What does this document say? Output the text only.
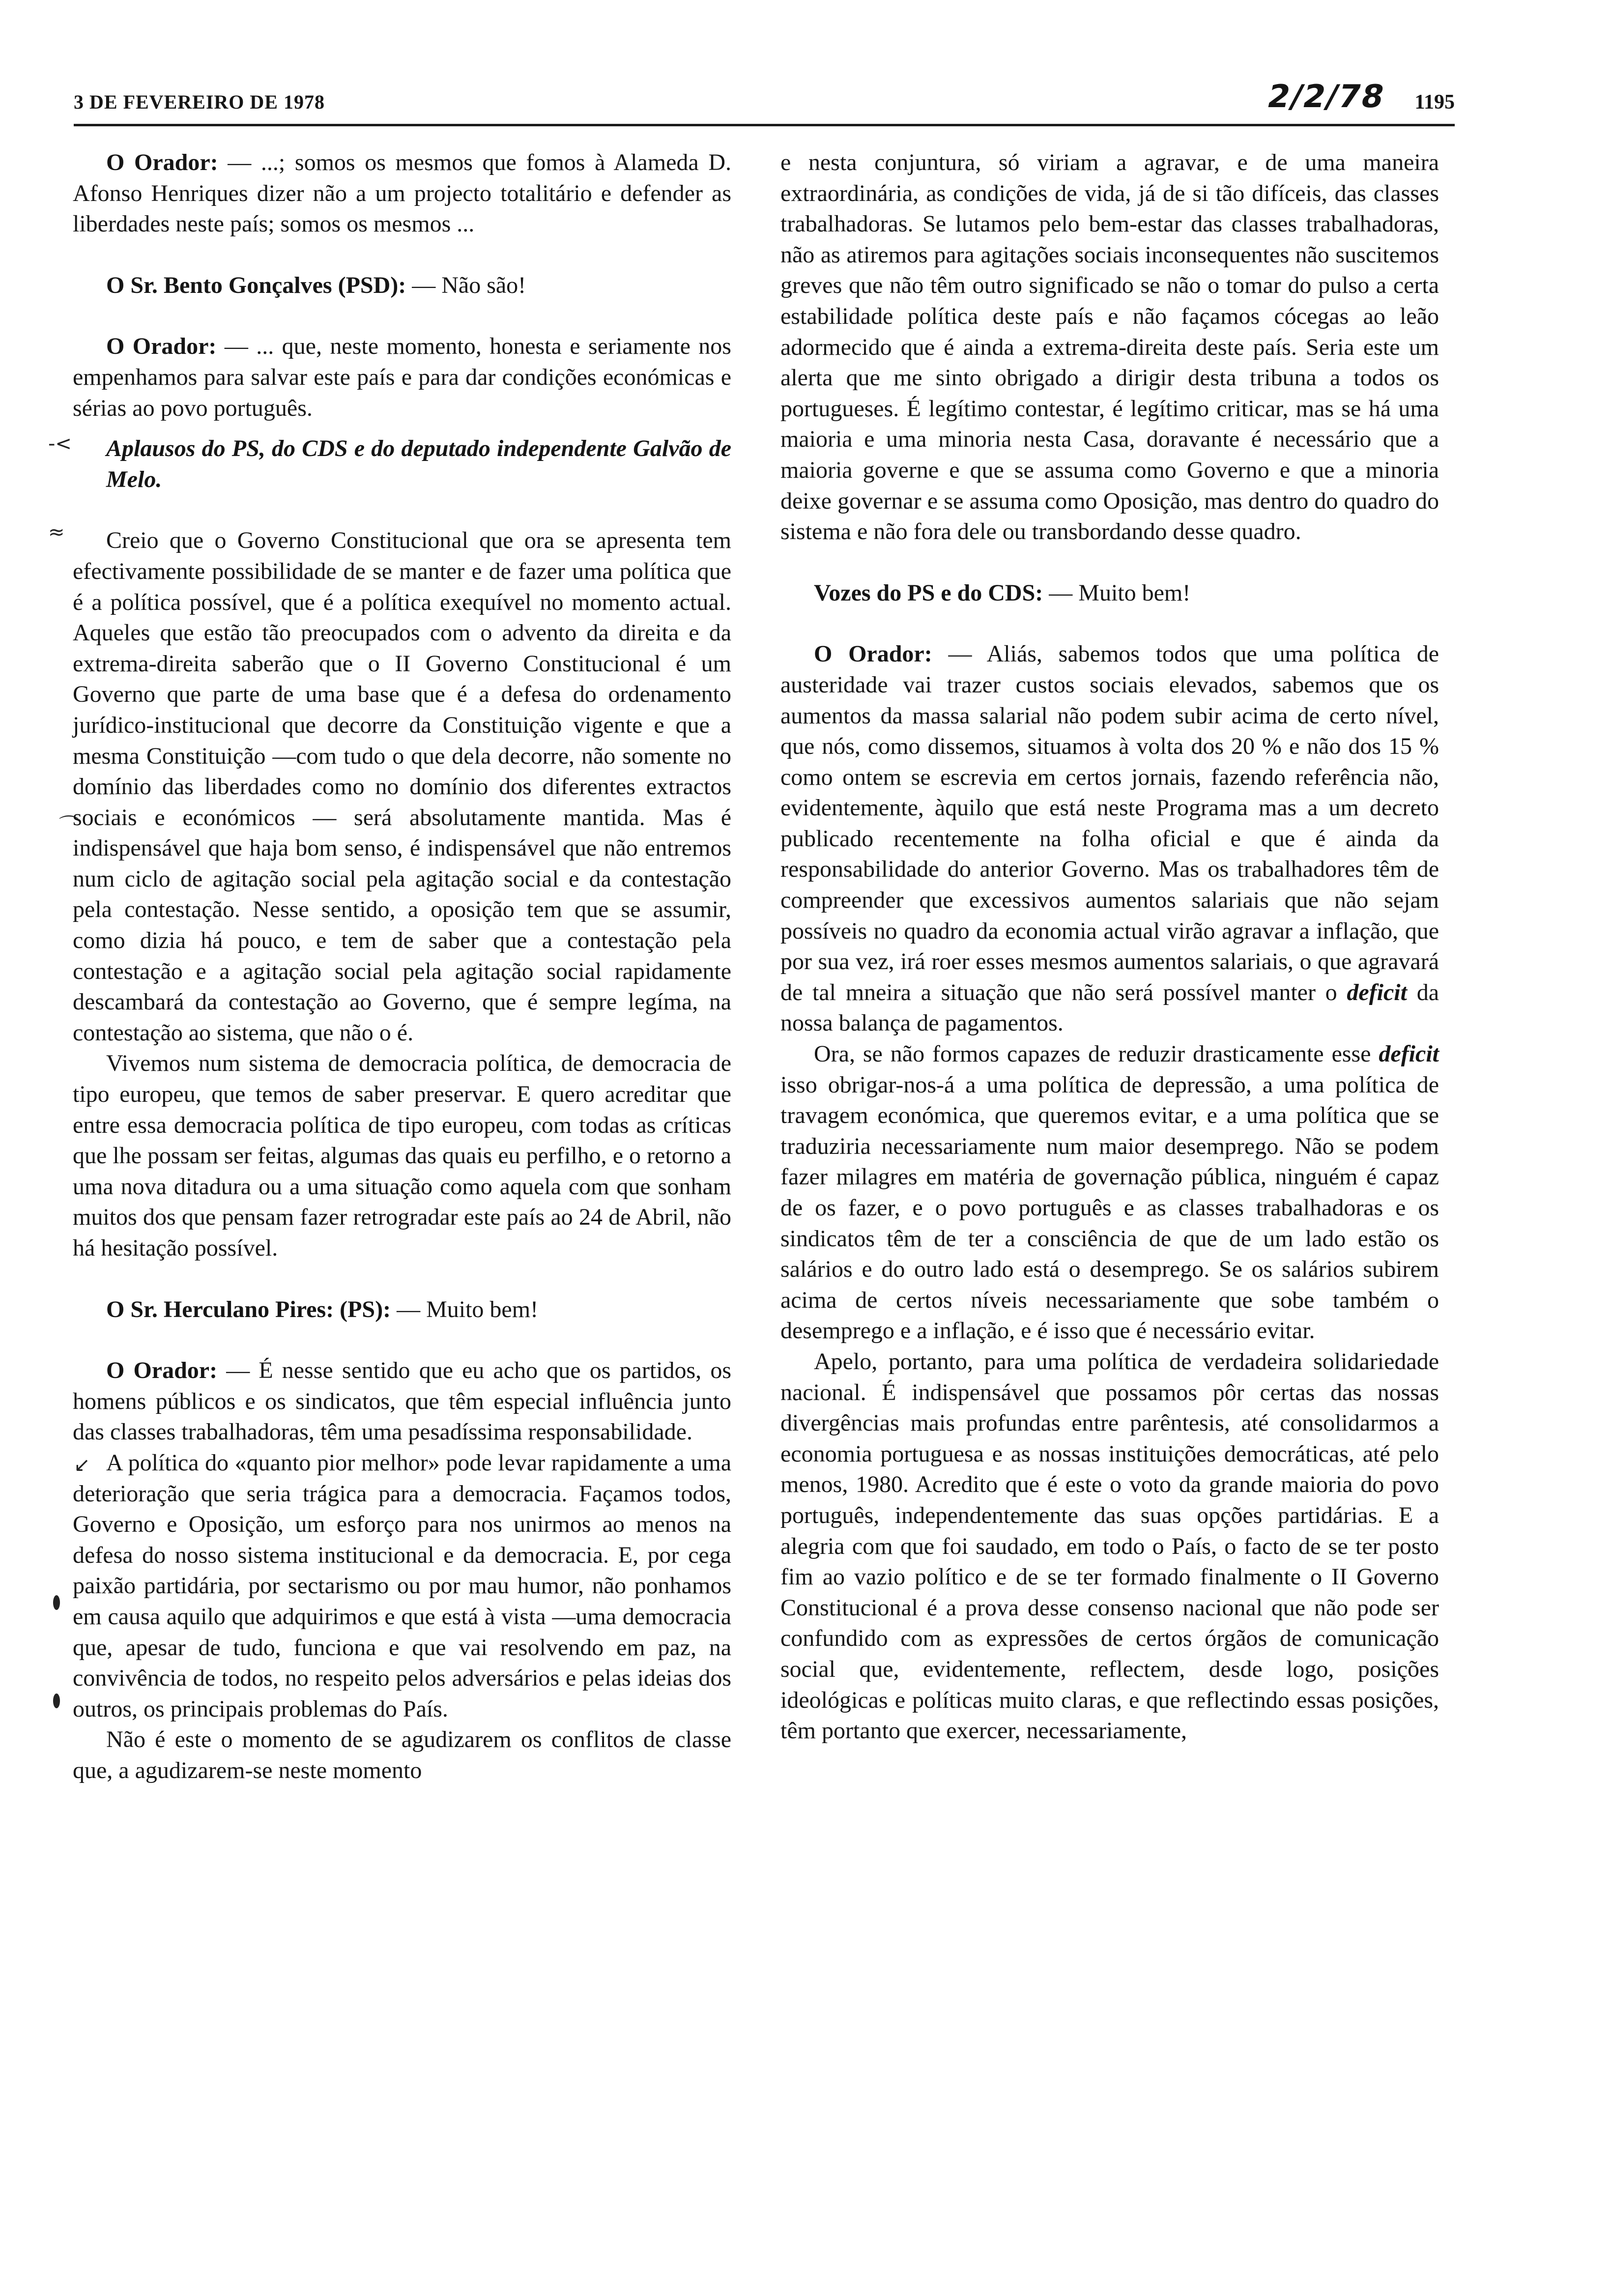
3 DE FEVEREIRO DE 1978	2/2/78 1195
-<
≈
⌒
↙

O Orador: — ...; somos os mesmos que fomos à Alameda D. Afonso Henriques dizer não a um projecto totalitário e defender as liberdades neste país; somos os mesmos ...

O Sr. Bento Gonçalves (PSD): — Não são!

O Orador: — ... que, neste momento, honesta e seriamente nos empenhamos para salvar este país e para dar condições económicas e sérias ao povo português.

Aplausos do PS, do CDS e do deputado independente Galvão de Melo.

Creio que o Governo Constitucional que ora se apresenta tem efectivamente possibilidade de se manter e de fazer uma política que é a política possível, que é a política exequível no momento actual. Aqueles que estão tão preocupados com o advento da direita e da extrema-direita saberão que o II Governo Constitucional é um Governo que parte de uma base que é a defesa do ordenamento jurídico-institucional que decorre da Constituição vigente e que a mesma Constituição —com tudo o que dela decorre, não somente no domínio das liberdades como no domínio dos diferentes extractos sociais e económicos — será absolutamente mantida. Mas é indispensável que haja bom senso, é indispensável que não entremos num ciclo de agitação social pela agitação social e da contestação pela contestação. Nesse sentido, a oposição tem que se assumir, como dizia há pouco, e tem de saber que a contestação pela contestação e a agitação social pela agitação social rapidamente descambará da contestação ao Governo, que é sempre legíma, na contestação ao sistema, que não o é.

Vivemos num sistema de democracia política, de democracia de tipo europeu, que temos de saber preservar. E quero acreditar que entre essa democracia política de tipo europeu, com todas as críticas que lhe possam ser feitas, algumas das quais eu perfilho, e o retorno a uma nova ditadura ou a uma situação como aquela com que sonham muitos dos que pensam fazer retrogradar este país ao 24 de Abril, não há hesitação possível.

O Sr. Herculano Pires: (PS): — Muito bem!

O Orador: — É nesse sentido que eu acho que os partidos, os homens públicos e os sindicatos, que têm especial influência junto das classes trabalhadoras, têm uma pesadíssima responsabilidade.

A política do «quanto pior melhor» pode levar rapidamente a uma deterioração que seria trágica para a democracia. Façamos todos, Governo e Oposição, um esforço para nos unirmos ao menos na defesa do nosso sistema institucional e da democracia. E, por cega paixão partidária, por sectarismo ou por mau humor, não ponhamos em causa aquilo que adquirimos e que está à vista —uma democracia que, apesar de tudo, funciona e que vai resolvendo em paz, na convivência de todos, no respeito pelos adversários e pelas ideias dos outros, os principais problemas do País.

Não é este o momento de se agudizarem os conflitos de classe que, a agudizarem-se neste momento

e nesta conjuntura, só viriam a agravar, e de uma maneira extraordinária, as condições de vida, já de si tão difíceis, das classes trabalhadoras. Se lutamos pelo bem-estar das classes trabalhadoras, não as atiremos para agitações sociais inconsequentes não suscitemos greves que não têm outro significado se não o tomar do pulso a certa estabilidade política deste país e não façamos cócegas ao leão adormecido que é ainda a extrema-direita deste país. Seria este um alerta que me sinto obrigado a dirigir desta tribuna a todos os portugueses. É legítimo contestar, é legítimo criticar, mas se há uma maioria e uma minoria nesta Casa, doravante é necessário que a maioria governe e que se assuma como Governo e que a minoria deixe governar e se assuma como Oposição, mas dentro do quadro do sistema e não fora dele ou transbordando desse quadro.

Vozes do PS e do CDS: — Muito bem!

O Orador: — Aliás, sabemos todos que uma política de austeridade vai trazer custos sociais elevados, sabemos que os aumentos da massa salarial não podem subir acima de certo nível, que nós, como dissemos, situamos à volta dos 20 % e não dos 15 % como ontem se escrevia em certos jornais, fazendo referência não, evidentemente, àquilo que está neste Programa mas a um decreto publicado recentemente na folha oficial e que é ainda da responsabilidade do anterior Governo. Mas os trabalhadores têm de compreender que excessivos aumentos salariais que não sejam possíveis no quadro da economia actual virão agravar a inflação, que por sua vez, irá roer esses mesmos aumentos salariais, o que agravará de tal mneira a situação que não será possível manter o deficit da nossa balança de pagamentos.

Ora, se não formos capazes de reduzir drasticamente esse deficit isso obrigar-nos-á a uma política de depressão, a uma política de travagem económica, que queremos evitar, e a uma política que se traduziria necessariamente num maior desemprego. Não se podem fazer milagres em matéria de governação pública, ninguém é capaz de os fazer, e o povo português e as classes trabalhadoras e os sindicatos têm de ter a consciência de que de um lado estão os salários e do outro lado está o desemprego. Se os salários subirem acima de certos níveis necessariamente que sobe também o desemprego e a inflação, e é isso que é necessário evitar.

Apelo, portanto, para uma política de verdadeira solidariedade nacional. É indispensável que possamos pôr certas das nossas divergências mais profundas entre parêntesis, até consolidarmos a economia portuguesa e as nossas instituições democráticas, até pelo menos, 1980. Acredito que é este o voto da grande maioria do povo português, independentemente das suas opções partidárias. E a alegria com que foi saudado, em todo o País, o facto de se ter posto fim ao vazio político e de se ter formado finalmente o II Governo Constitucional é a prova desse consenso nacional que não pode ser confundido com as expressões de certos órgãos de comunicação social que, evidentemente, reflectem, desde logo, posições ideológicas e políticas muito claras, e que reflectindo essas posições, têm portanto que exercer, necessariamente,
